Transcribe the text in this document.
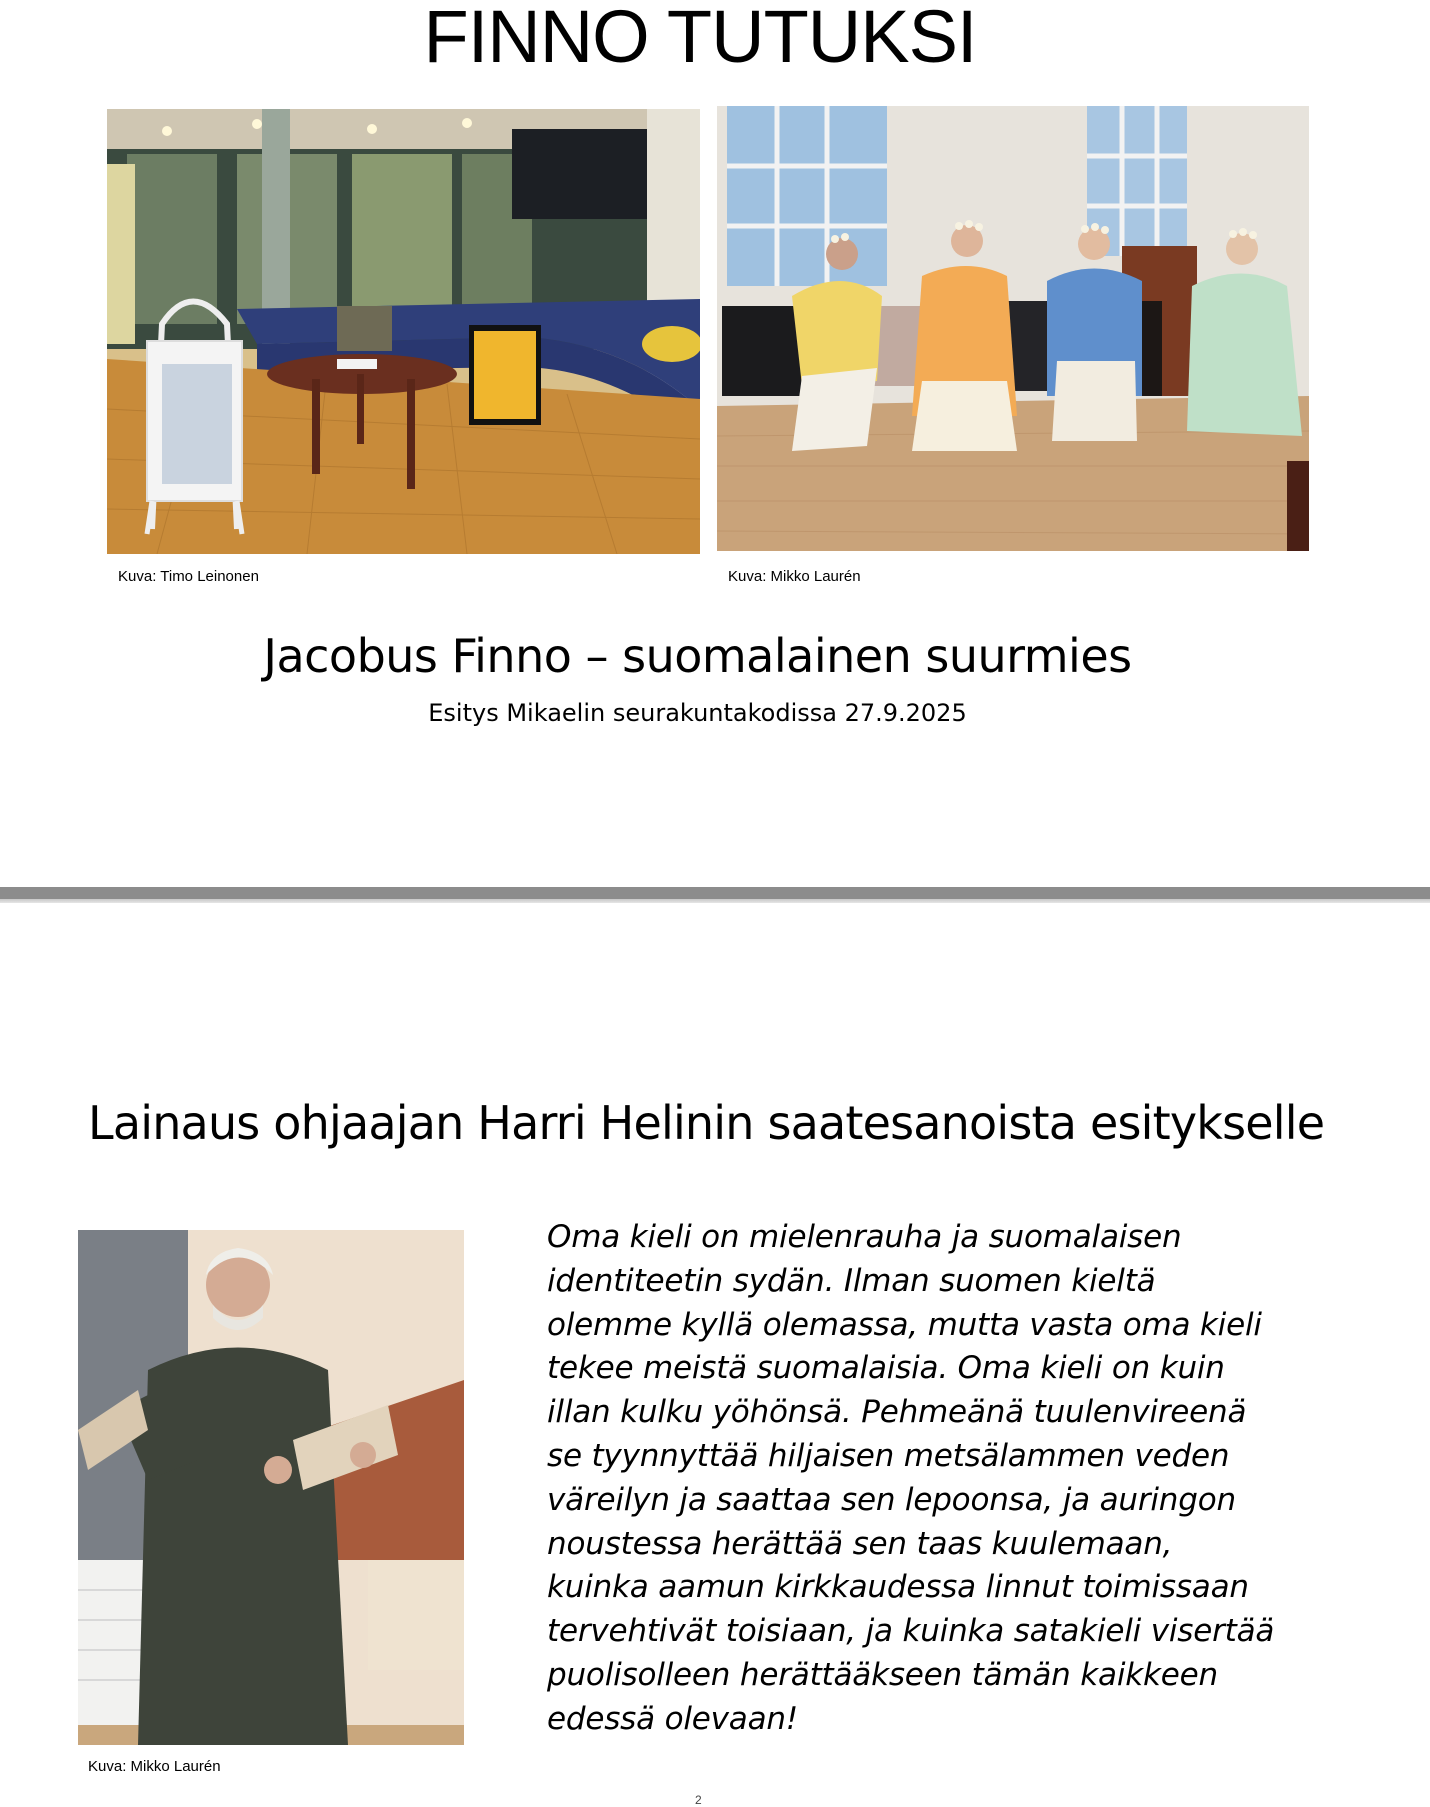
FINNO TUTUKSI
Kuva: Timo Leinonen	Kuva: Mikko Laurén
Jacobus Finno – suomalainen suurmies
Esitys Mikaelin seurakuntakodissa 27.9.2025
Lainaus ohjaajan Harri Helinin saatesanoista esitykselle
Kuva: Mikko Laurén
Oma kieli on mielenrauha ja suomalaisen
identiteetin sydän. Ilman suomen kieltä
olemme kyllä olemassa, mutta vasta oma kieli
tekee meistä suomalaisia. Oma kieli on kuin
illan kulku yöhönsä. Pehmeänä tuulenvireenä
se tyynnyttää hiljaisen metsälammen veden
väreilyn ja saattaa sen lepoonsa, ja auringon
noustessa herättää sen taas kuulemaan,
kuinka aamun kirkkaudessa linnut toimissaan
tervehtivät toisiaan, ja kuinka satakieli visertää
puolisolleen herättääkseen tämän kaikkeen
edessä olevaan!
2
